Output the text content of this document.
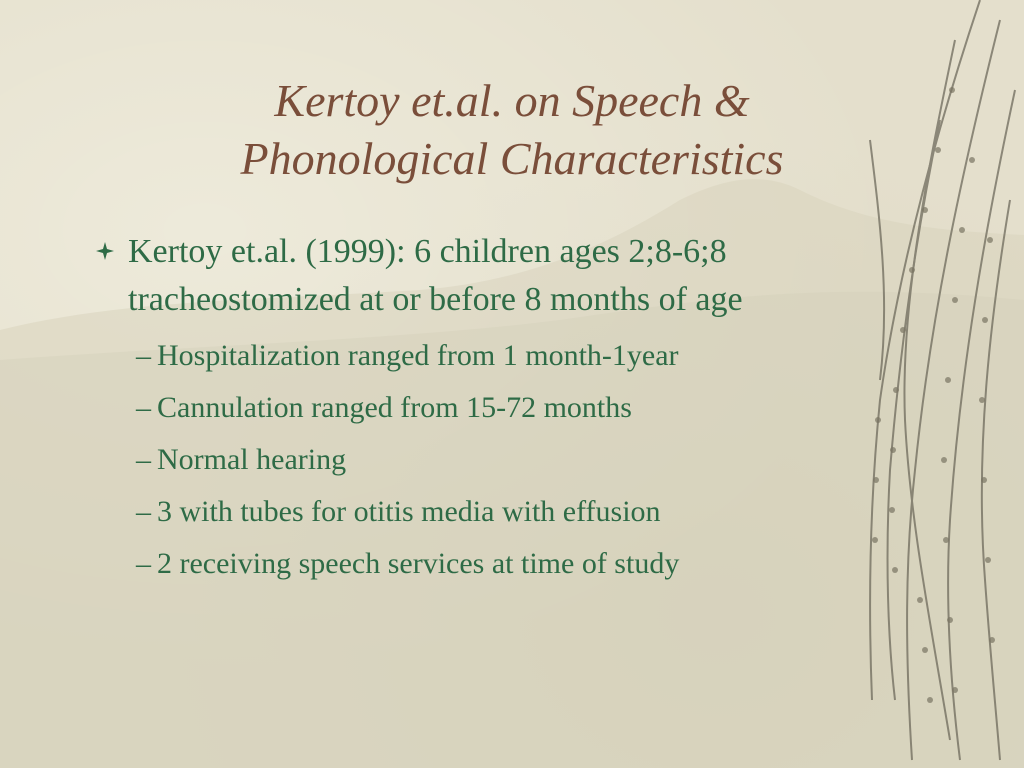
Kertoy et.al. on Speech &
Phonological Characteristics
Kertoy et.al. (1999): 6 children ages 2;8-6;8 tracheostomized at or before 8 months of age
– Hospitalization ranged from 1 month-1year
– Cannulation ranged from 15-72 months
– Normal hearing
– 3 with tubes for otitis media with effusion
– 2 receiving speech services at time of study
